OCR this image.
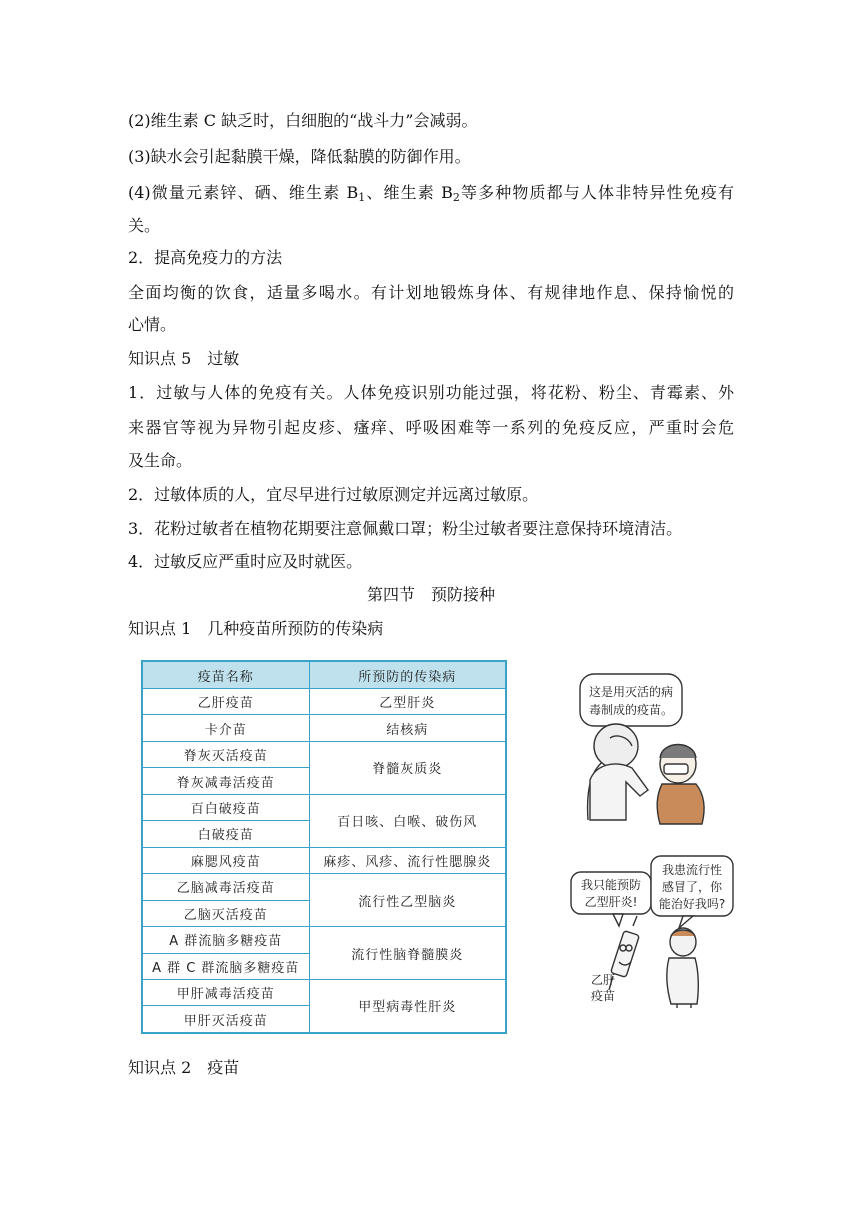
(2)维生素 C 缺乏时，白细胞的“战斗力”会减弱。
(3)缺水会引起黏膜干燥，降低黏膜的防御作用。
(4)微量元素锌、硒、维生素 $B_1$、维生素 $B_2$等多种物质都与人体非特异性免疫有
关。
2．提高免疫力的方法
全面均衡的饮食，适量多喝水。有计划地锻炼身体、有规律地作息、保持愉悦的
心情。
知识点 5　过敏
1．过敏与人体的免疫有关。人体免疫识别功能过强，将花粉、粉尘、青霉素、外
来器官等视为异物引起皮疹、瘙痒、呼吸困难等一系列的免疫反应，严重时会危
及生命。
2．过敏体质的人，宜尽早进行过敏原测定并远离过敏原。
3．花粉过敏者在植物花期要注意佩戴口罩；粉尘过敏者要注意保持环境清洁。
4．过敏反应严重时应及时就医。
第四节　预防接种
知识点 1　几种疫苗所预防的传染病
疫苗名称	所预防的传染病
乙肝疫苗	乙型肝炎
卡介苗	结核病
脊灰灭活疫苗	脊髓灰质炎
脊灰减毒活疫苗	
百白破疫苗	百日咳、白喉、破伤风
白破疫苗	
麻腮风疫苗	麻疹、风疹、流行性腮腺炎
乙脑减毒活疫苗	流行性乙型脑炎
乙脑灭活疫苗	
A 群流脑多糖疫苗	流行性脑脊髓膜炎
A 群 C 群流脑多糖疫苗	
甲肝减毒活疫苗	甲型病毒性肝炎
甲肝灭活疫苗	
这是用灭活的病
毒制成的疫苗。
我只能预防
乙型肝炎!
我患流行性
感冒了，你
能治好我吗?
乙肝
疫苗
知识点 2　疫苗
